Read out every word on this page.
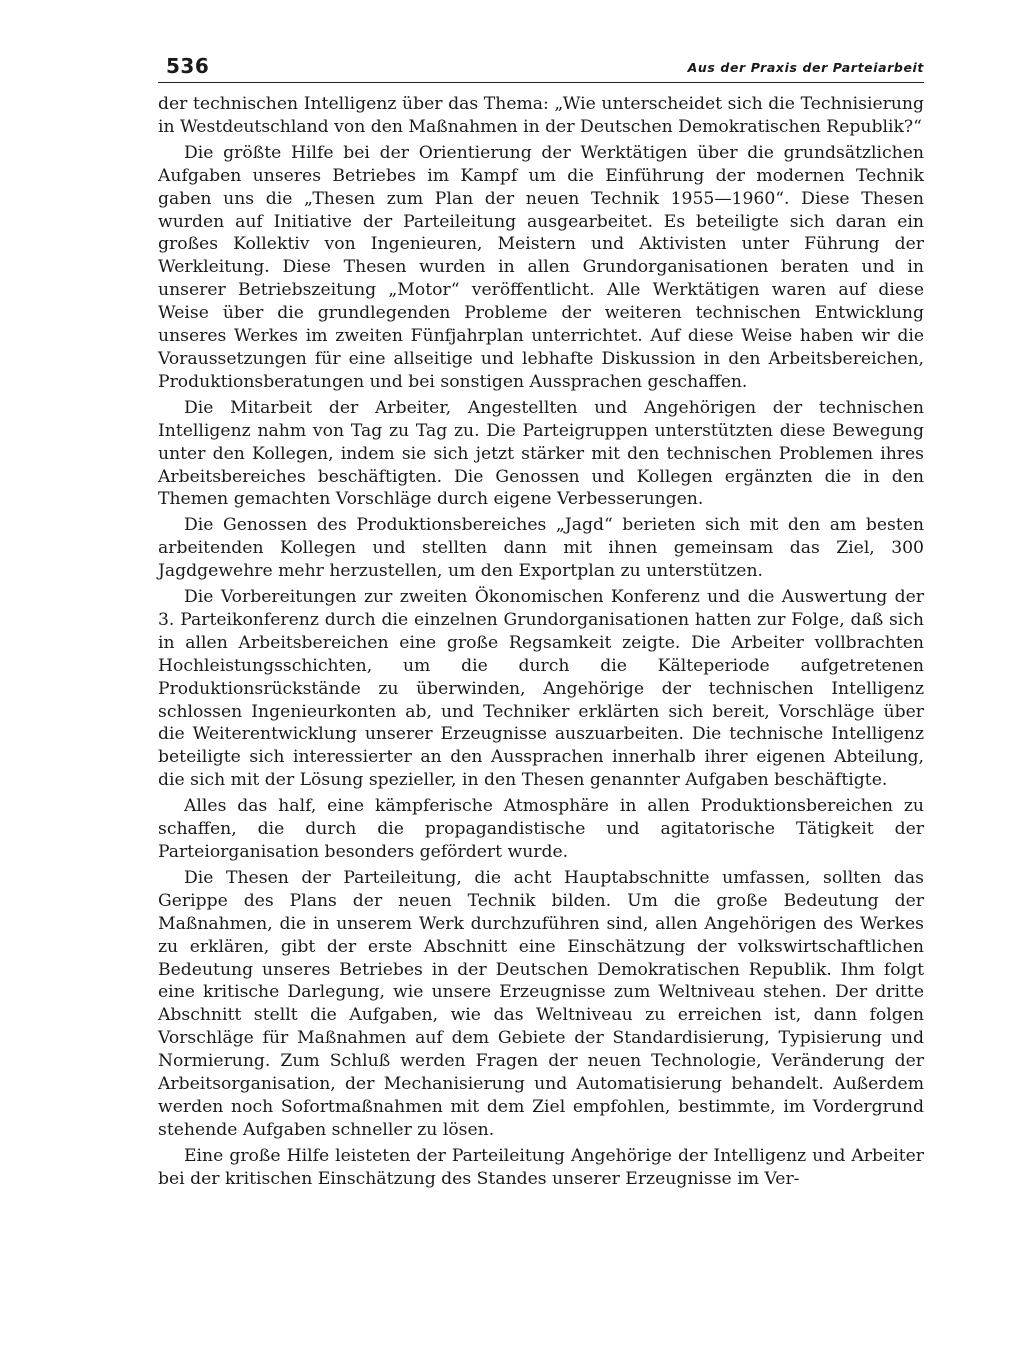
536	Aus der Praxis der Parteiarbeit

der technischen Intelligenz über das Thema: „Wie unterscheidet sich die Technisierung in Westdeutschland von den Maßnahmen in der Deutschen Demokratischen Republik?“

Die größte Hilfe bei der Orientierung der Werktätigen über die grundsätzlichen Aufgaben unseres Betriebes im Kampf um die Einführung der modernen Technik gaben uns die „Thesen zum Plan der neuen Technik 1955—1960“. Diese Thesen wurden auf Initiative der Parteileitung ausgearbeitet. Es beteiligte sich daran ein großes Kollektiv von Ingenieuren, Meistern und Aktivisten unter Führung der Werkleitung. Diese Thesen wurden in allen Grundorganisationen beraten und in unserer Betriebszeitung „Motor“ veröffentlicht. Alle Werktätigen waren auf diese Weise über die grundlegenden Probleme der weiteren technischen Entwicklung unseres Werkes im zweiten Fünfjahrplan unterrichtet. Auf diese Weise haben wir die Voraussetzungen für eine allseitige und lebhafte Diskussion in den Arbeitsbereichen, Produktionsberatungen und bei sonstigen Aussprachen geschaffen.

Die Mitarbeit der Arbeiter, Angestellten und Angehörigen der technischen Intelligenz nahm von Tag zu Tag zu. Die Parteigruppen unterstützten diese Bewegung unter den Kollegen, indem sie sich jetzt stärker mit den technischen Problemen ihres Arbeitsbereiches beschäftigten. Die Genossen und Kollegen ergänzten die in den Themen gemachten Vorschläge durch eigene Verbesserungen.

Die Genossen des Produktionsbereiches „Jagd“ berieten sich mit den am besten arbeitenden Kollegen und stellten dann mit ihnen gemeinsam das Ziel, 300 Jagdgewehre mehr herzustellen, um den Exportplan zu unterstützen.

Die Vorbereitungen zur zweiten Ökonomischen Konferenz und die Auswertung der 3. Parteikonferenz durch die einzelnen Grundorganisationen hatten zur Folge, daß sich in allen Arbeitsbereichen eine große Regsamkeit zeigte. Die Arbeiter vollbrachten Hochleistungsschichten, um die durch die Kälteperiode aufgetretenen Produktionsrückstände zu überwinden, Angehörige der technischen Intelligenz schlossen Ingenieurkonten ab, und Techniker erklärten sich bereit, Vorschläge über die Weiterentwicklung unserer Erzeugnisse auszuarbeiten. Die technische Intelligenz beteiligte sich interessierter an den Aussprachen innerhalb ihrer eigenen Abteilung, die sich mit der Lösung spezieller, in den Thesen genannter Aufgaben beschäftigte.

Alles das half, eine kämpferische Atmosphäre in allen Produktionsbereichen zu schaffen, die durch die propagandistische und agitatorische Tätigkeit der Parteiorganisation besonders gefördert wurde.

Die Thesen der Parteileitung, die acht Hauptabschnitte umfassen, sollten das Gerippe des Plans der neuen Technik bilden. Um die große Bedeutung der Maßnahmen, die in unserem Werk durchzuführen sind, allen Angehörigen des Werkes zu erklären, gibt der erste Abschnitt eine Einschätzung der volkswirtschaftlichen Bedeutung unseres Betriebes in der Deutschen Demokratischen Republik. Ihm folgt eine kritische Darlegung, wie unsere Erzeugnisse zum Weltniveau stehen. Der dritte Abschnitt stellt die Aufgaben, wie das Weltniveau zu erreichen ist, dann folgen Vorschläge für Maßnahmen auf dem Gebiete der Standardisierung, Typisierung und Normierung. Zum Schluß werden Fragen der neuen Technologie, Veränderung der Arbeitsorganisation, der Mechanisierung und Automatisierung behandelt. Außerdem werden noch Sofortmaßnahmen mit dem Ziel empfohlen, bestimmte, im Vordergrund stehende Aufgaben schneller zu lösen.

Eine große Hilfe leisteten der Parteileitung Angehörige der Intelligenz und Arbeiter bei der kritischen Einschätzung des Standes unserer Erzeugnisse im Ver-
